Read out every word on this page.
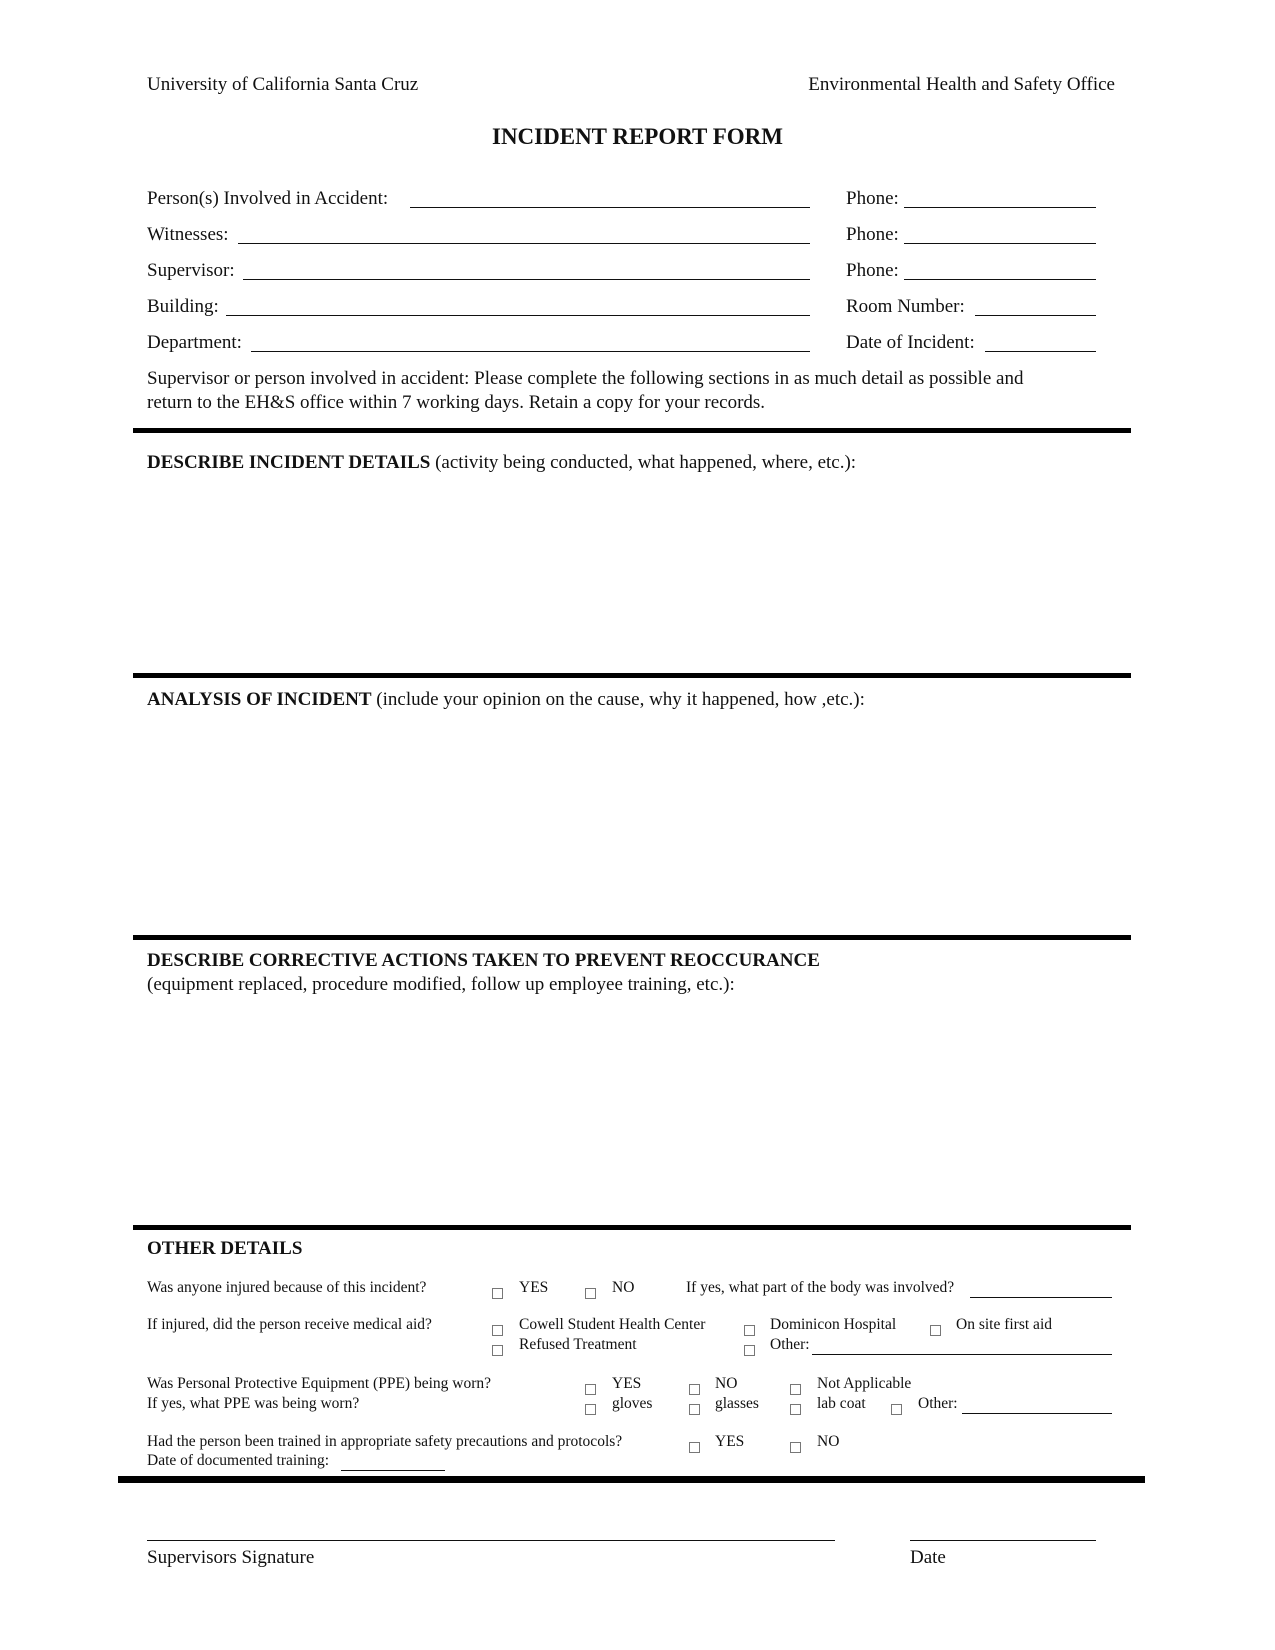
University of California Santa Cruz	Environmental Health and Safety Office
INCIDENT REPORT FORM
Person(s) Involved in Accident:	Phone:
Witnesses:	Phone:
Supervisor:	Phone:
Building:	Room Number:
Department:	Date of Incident:
Supervisor or person involved in accident: Please complete the following sections in as much detail as possible and
return to the EH&S office within 7 working days. Retain a copy for your records.
DESCRIBE INCIDENT DETAILS (activity being conducted, what happened, where, etc.):
ANALYSIS OF INCIDENT (include your opinion on the cause, why it happened, how ,etc.):
DESCRIBE CORRECTIVE ACTIONS TAKEN TO PREVENT REOCCURANCE
(equipment replaced, procedure modified, follow up employee training, etc.):
OTHER DETAILS
Was anyone injured because of this incident?	YES	NO	If yes, what part of the body was involved?
If injured, did the person receive medical aid?	Cowell Student Health Center	Dominicon Hospital	On site first aid
Refused Treatment	Other:
Was Personal Protective Equipment (PPE) being worn?	YES	NO	Not Applicable
If yes, what PPE was being worn?	gloves	glasses	lab coat	Other:
Had the person been trained in appropriate safety precautions and protocols?	YES	NO
Date of documented training:
Supervisors Signature	Date
